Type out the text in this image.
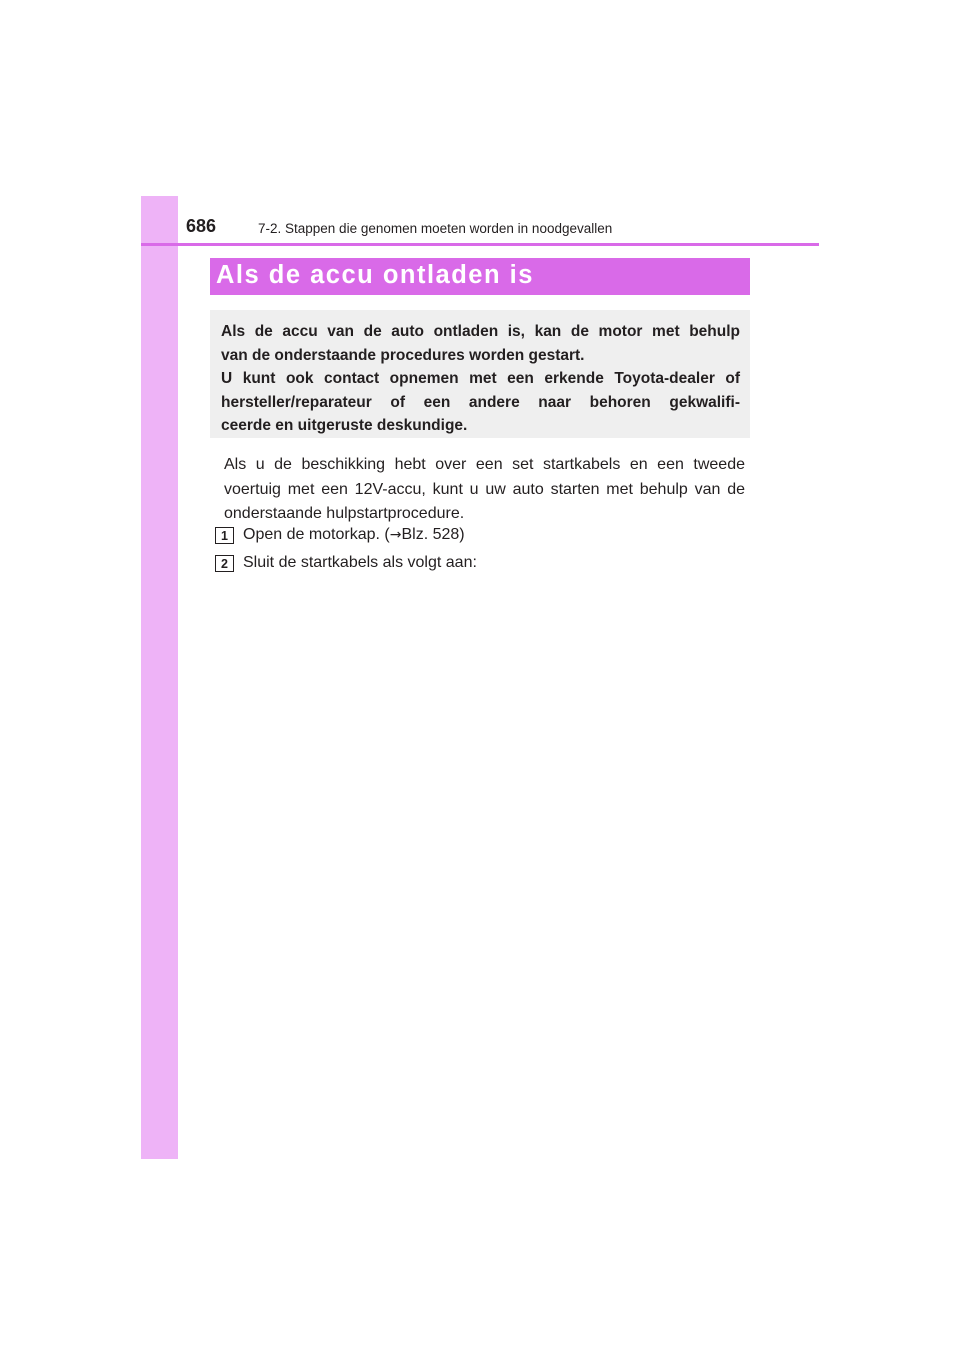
686	7-2. Stappen die genomen moeten worden in noodgevallen
Als de accu ontladen is
Als de accu van de auto ontladen is, kan de motor met behulp
van de onderstaande procedures worden gestart.
U kunt ook contact opnemen met een erkende Toyota-dealer of
hersteller/reparateur of een andere naar behoren gekwalifi-
ceerde en uitgeruste deskundige.
Als u de beschikking hebt over een set startkabels en een tweede
voertuig met een 12V-accu, kunt u uw auto starten met behulp van de
onderstaande hulpstartprocedure.
1 Open de motorkap. (→Blz. 528)
2 Sluit de startkabels als volgt aan:
